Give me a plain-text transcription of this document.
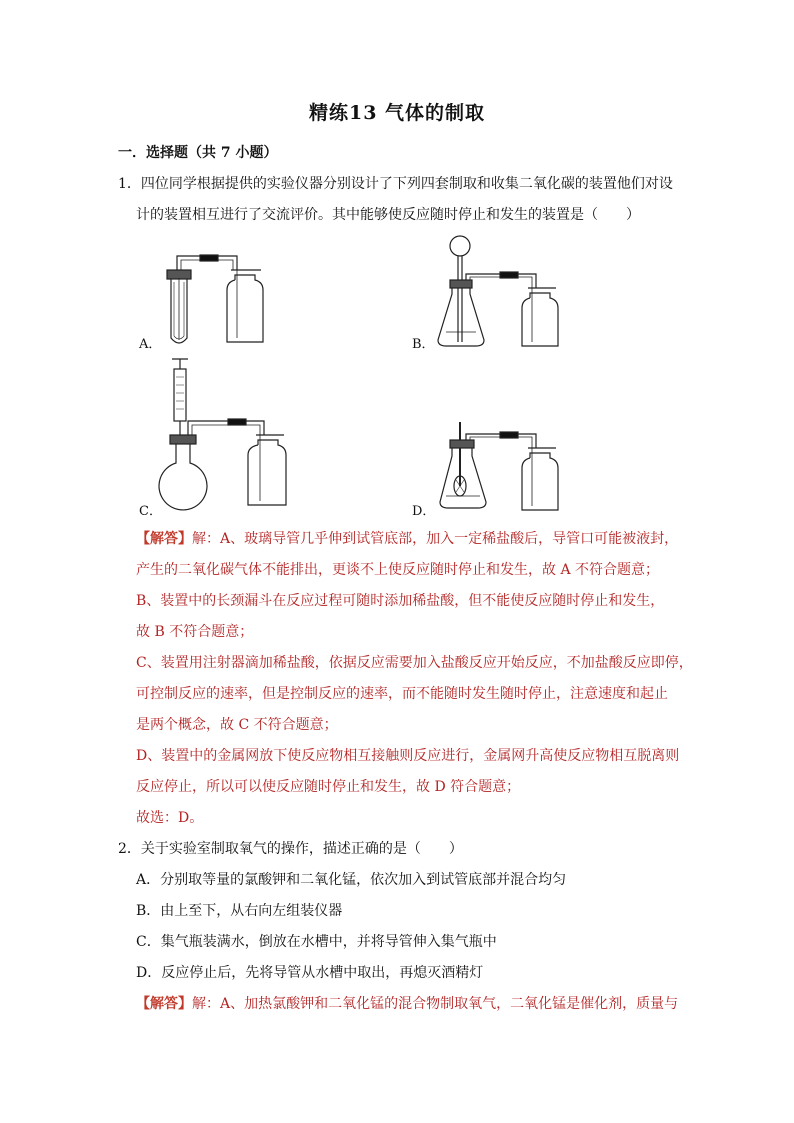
精练13 气体的制取
一．选择题（共 7 小题）
1．四位同学根据提供的实验仪器分别设计了下列四套制取和收集二氧化碳的装置他们对设
计的装置相互进行了交流评价。其中能够使反应随时停止和发生的装置是（　　）
A．	B．
C．	D．
【解答】解：A、玻璃导管几乎伸到试管底部，加入一定稀盐酸后，导管口可能被液封，
产生的二氧化碳气体不能排出，更谈不上使反应随时停止和发生，故 A 不符合题意；
B、装置中的长颈漏斗在反应过程可随时添加稀盐酸，但不能使反应随时停止和发生，
故 B 不符合题意；
C、装置用注射器滴加稀盐酸，依据反应需要加入盐酸反应开始反应，不加盐酸反应即停，
可控制反应的速率，但是控制反应的速率，而不能随时发生随时停止，注意速度和起止
是两个概念，故 C 不符合题意；
D、装置中的金属网放下使反应物相互接触则反应进行，金属网升高使反应物相互脱离则
反应停止，所以可以使反应随时停止和发生，故 D 符合题意；
故选：D。
2．关于实验室制取氧气的操作，描述正确的是（　　）
A．分别取等量的氯酸钾和二氧化锰，依次加入到试管底部并混合均匀
B．由上至下，从右向左组装仪器
C．集气瓶装满水，倒放在水槽中，并将导管伸入集气瓶中
D．反应停止后，先将导管从水槽中取出，再熄灭酒精灯
【解答】解：A、加热氯酸钾和二氧化锰的混合物制取氧气，二氧化锰是催化剂，质量与
